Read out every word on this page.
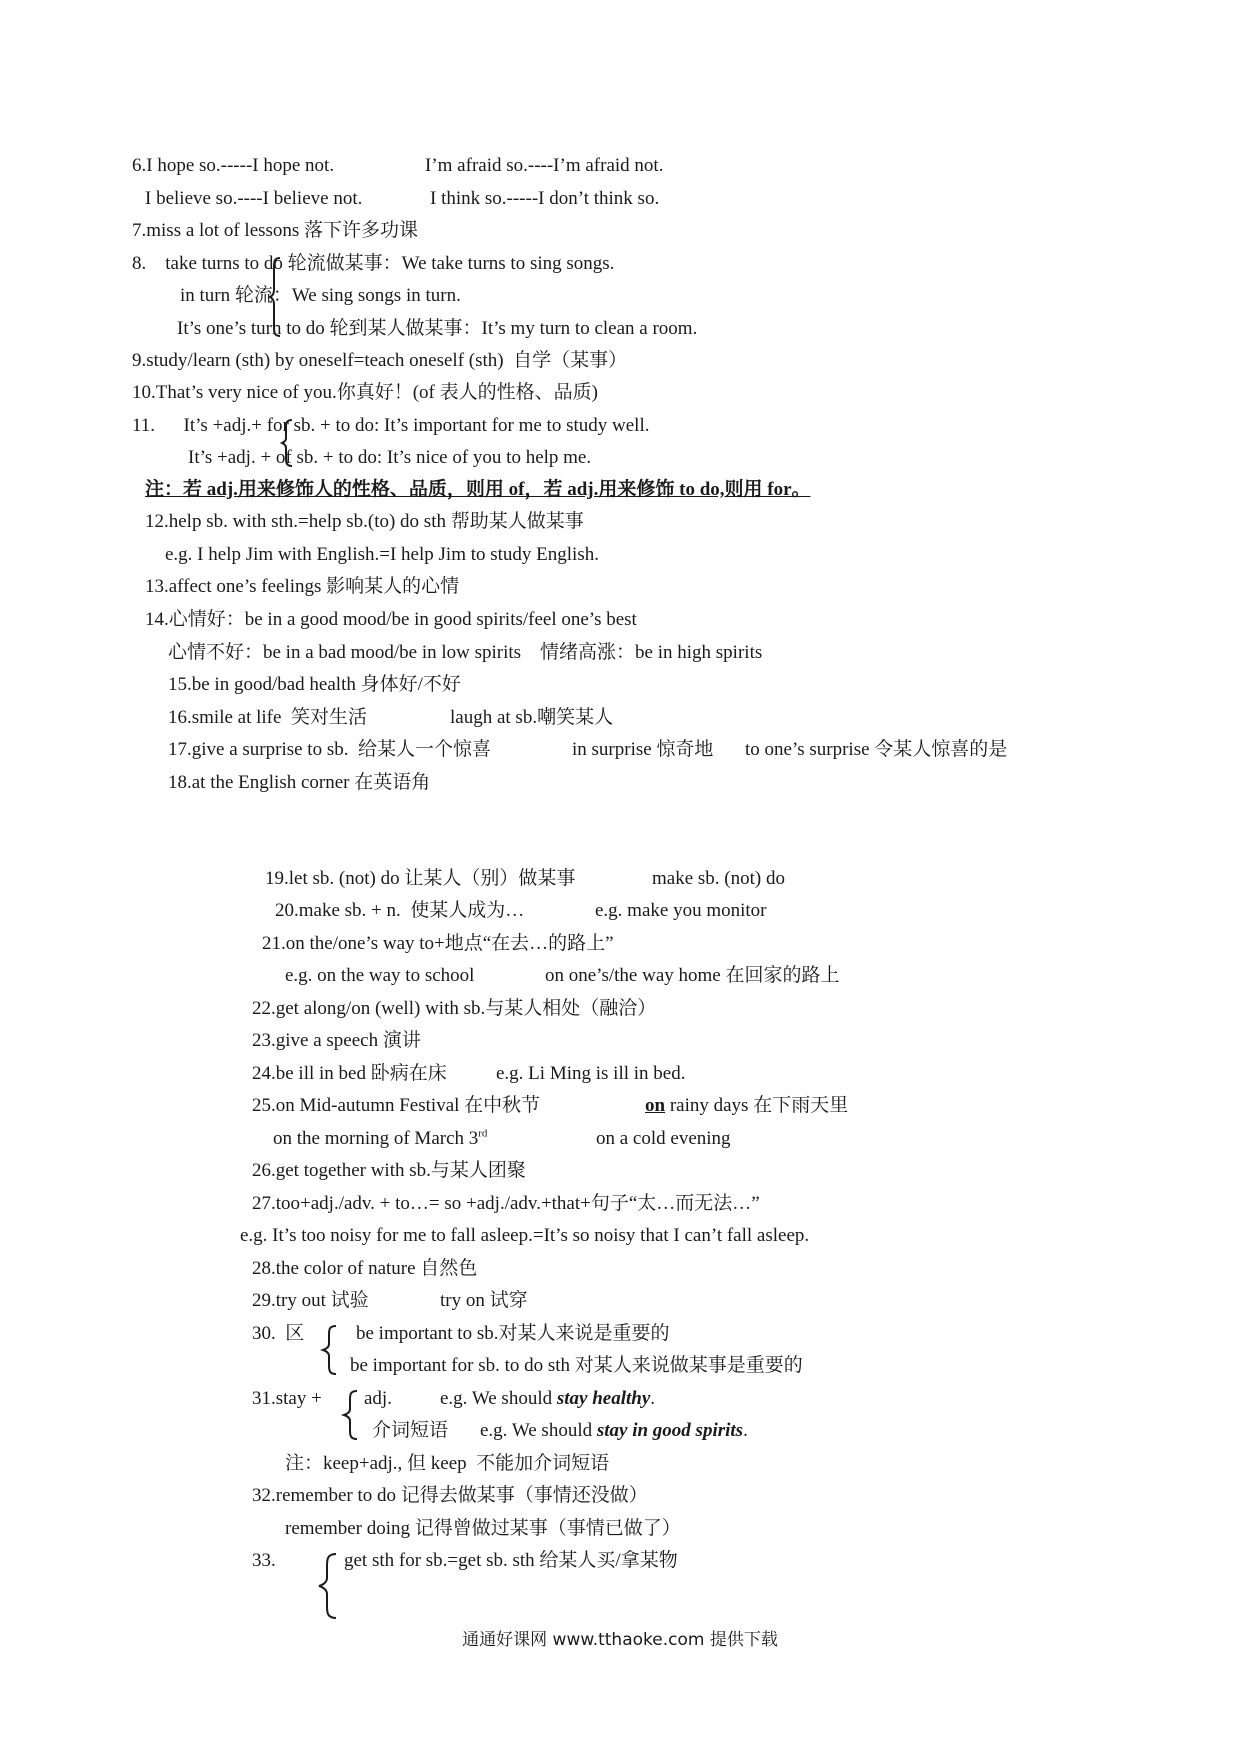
6.I hope so.-----I hope not.	I’m afraid so.----I’m afraid not.
I believe so.----I believe not.	I think so.-----I don’t think so.
7.miss a lot of lessons 落下许多功课
8.    take turns to do 轮流做某事：We take turns to sing songs.
in turn 轮流：We sing songs in turn.
It’s one’s turn to do 轮到某人做某事：It’s my turn to clean a room.
9.study/learn (sth) by oneself=teach oneself (sth)  自学（某事）
10.That’s very nice of you.你真好！(of 表人的性格、品质)
11.      It’s +adj.+ for sb. + to do: It’s important for me to study well.
It’s +adj. + of sb. + to do: It’s nice of you to help me.
注：若 adj.用来修饰人的性格、品质，则用 of，若 adj.用来修饰 to do,则用 for。
12.help sb. with sth.=help sb.(to) do sth 帮助某人做某事
e.g. I help Jim with English.=I help Jim to study English.
13.affect one’s feelings 影响某人的心情
14.心情好：be in a good mood/be in good spirits/feel one’s best
心情不好：be in a bad mood/be in low spirits    情绪高涨：be in high spirits
15.be in good/bad health 身体好/不好
16.smile at life  笑对生活	laugh at sb.嘲笑某人
17.give a surprise to sb.  给某人一个惊喜	in surprise 惊奇地 to one’s surprise 令某人惊喜的是
18.at the English corner 在英语角
19.let sb. (not) do 让某人（别）做某事	make sb. (not) do
20.make sb. + n.  使某人成为…	e.g. make you monitor
21.on the/one’s way to+地点“在去…的路上”
e.g. on the way to school	on one’s/the way home 在回家的路上
22.get along/on (well) with sb.与某人相处（融洽）
23.give a speech 演讲
24.be ill in bed 卧病在床	e.g. Li Ming is ill in bed.
25.on Mid-autumn Festival 在中秋节	on rainy days 在下雨天里
on the morning of March 3rd	on a cold evening
26.get together with sb.与某人团聚
27.too+adj./adv. + to…= so +adj./adv.+that+句子“太…而无法…”
e.g. It’s too noisy for me to fall asleep.=It’s so noisy that I can’t fall asleep.
28.the color of nature 自然色
29.try out 试验	try on 试穿
30.  区	be important to sb.对某人来说是重要的
be important for sb. to do sth 对某人来说做某事是重要的
31.stay + adj.	e.g. We should stay healthy.
介词短语 e.g. We should stay in good spirits.
注：keep+adj., 但 keep  不能加介词短语
32.remember to do 记得去做某事（事情还没做）
remember doing 记得曾做过某事（事情已做了）
33.	get sth for sb.=get sb. sth 给某人买/拿某物
通通好课网 www.tthaoke.com 提供下载
